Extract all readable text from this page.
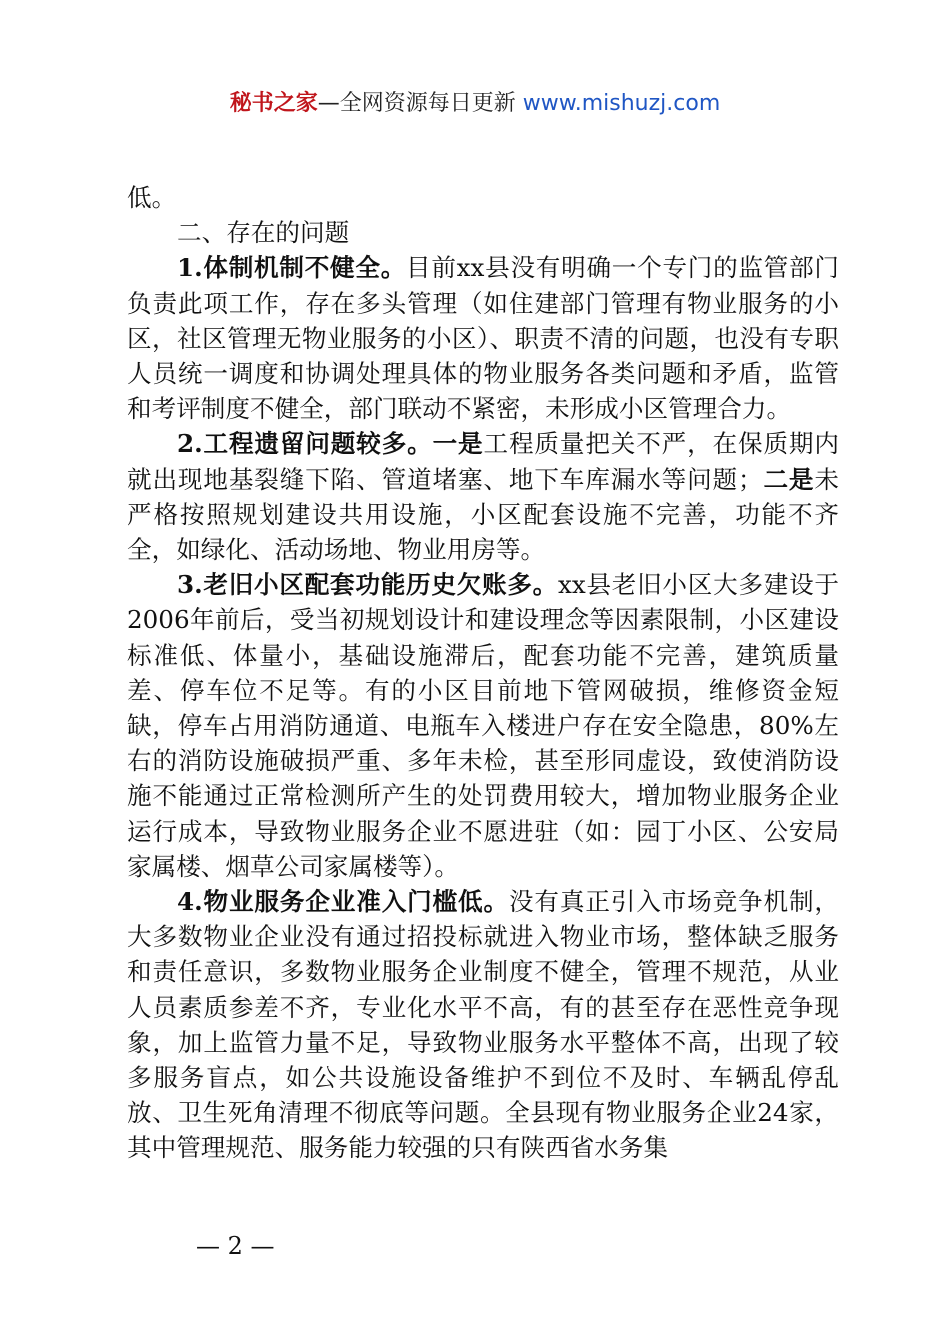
秘书之家—全网资源每日更新 www.mishuzj.com

低。

二、存在的问题

1.体制机制不健全。目前xx县没有明确一个专门的监管部门负责此项工作，存在多头管理（如住建部门管理有物业服务的小区，社区管理无物业服务的小区）、职责不清的问题，也没有专职人员统一调度和协调处理具体的物业服务各类问题和矛盾，监管和考评制度不健全，部门联动不紧密，未形成小区管理合力。

2.工程遗留问题较多。一是工程质量把关不严，在保质期内就出现地基裂缝下陷、管道堵塞、地下车库漏水等问题；二是未严格按照规划建设共用设施，小区配套设施不完善，功能不齐全，如绿化、活动场地、物业用房等。

3.老旧小区配套功能历史欠账多。xx县老旧小区大多建设于2006年前后，受当初规划设计和建设理念等因素限制，小区建设标准低、体量小，基础设施滞后，配套功能不完善，建筑质量差、停车位不足等。有的小区目前地下管网破损，维修资金短缺，停车占用消防通道、电瓶车入楼进户存在安全隐患，80%左右的消防设施破损严重、多年未检，甚至形同虚设，致使消防设施不能通过正常检测所产生的处罚费用较大，增加物业服务企业运行成本，导致物业服务企业不愿进驻（如：园丁小区、公安局家属楼、烟草公司家属楼等）。

4.物业服务企业准入门槛低。没有真正引入市场竞争机制，大多数物业企业没有通过招投标就进入物业市场，整体缺乏服务和责任意识，多数物业服务企业制度不健全，管理不规范，从业人员素质参差不齐，专业化水平不高，有的甚至存在恶性竞争现象，加上监管力量不足，导致物业服务水平整体不高，出现了较多服务盲点，如公共设施设备维护不到位不及时、车辆乱停乱放、卫生死角清理不彻底等问题。全县现有物业服务企业24家，其中管理规范、服务能力较强的只有陕西省水务集

— 2 —
